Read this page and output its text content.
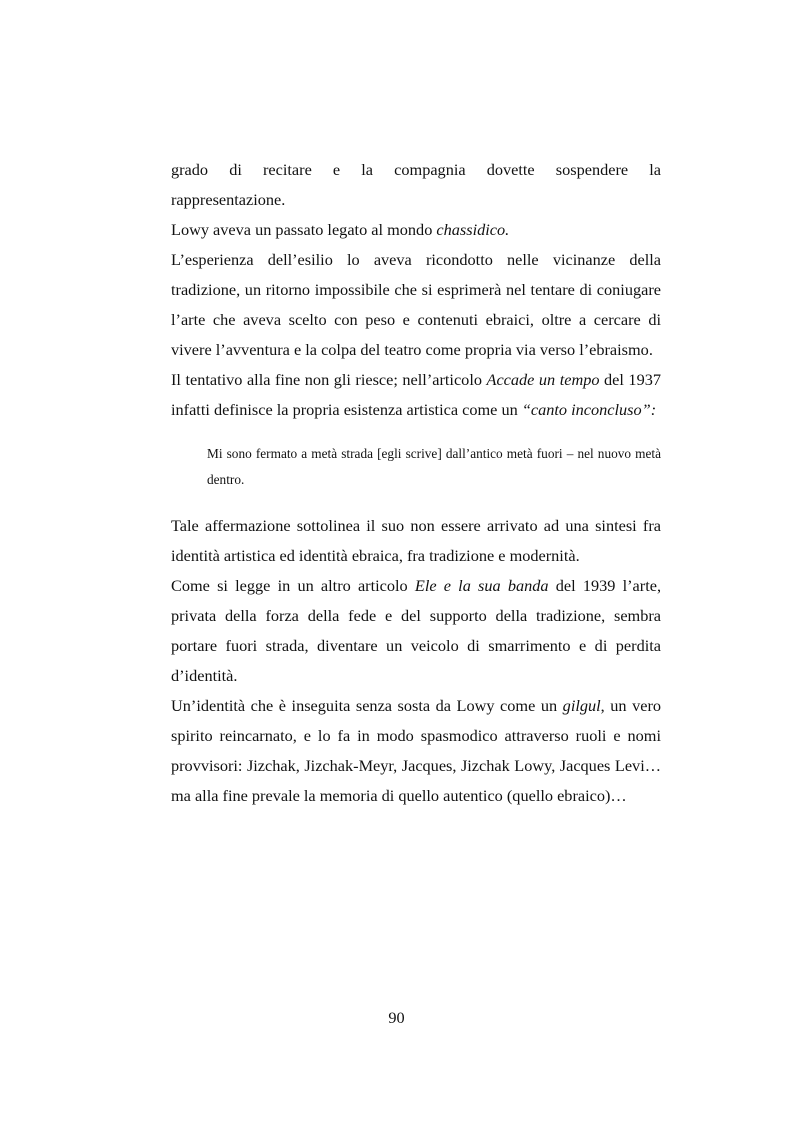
grado di recitare e la compagnia dovette sospendere la

rappresentazione.

Lowy aveva un passato legato al mondo chassidico.

L’esperienza dell’esilio lo aveva ricondotto nelle vicinanze della tradizione, un ritorno impossibile che si esprimerà nel tentare di coniugare l’arte che aveva scelto con peso e contenuti ebraici, oltre a cercare di vivere l’avventura e la colpa del teatro come propria via verso l’ebraismo.

Il tentativo alla fine non gli riesce; nell’articolo Accade un tempo del 1937 infatti definisce la propria esistenza artistica come un “canto inconcluso”:

Mi sono fermato a metà strada [egli scrive] dall’antico metà fuori – nel nuovo metà dentro.

Tale affermazione sottolinea il suo non essere arrivato ad una sintesi fra identità artistica ed identità ebraica, fra tradizione e modernità.

Come si legge in un altro articolo Ele e la sua banda del 1939 l’arte, privata della forza della fede e del supporto della tradizione, sembra portare fuori strada, diventare un veicolo di smarrimento e di perdita d’identità.

Un’identità che è inseguita senza sosta da Lowy come un gilgul, un vero spirito reincarnato, e lo fa in modo spasmodico attraverso ruoli e nomi provvisori: Jizchak, Jizchak-Meyr, Jacques, Jizchak Lowy, Jacques Levi…ma alla fine prevale la memoria di quello autentico (quello ebraico)…

90
